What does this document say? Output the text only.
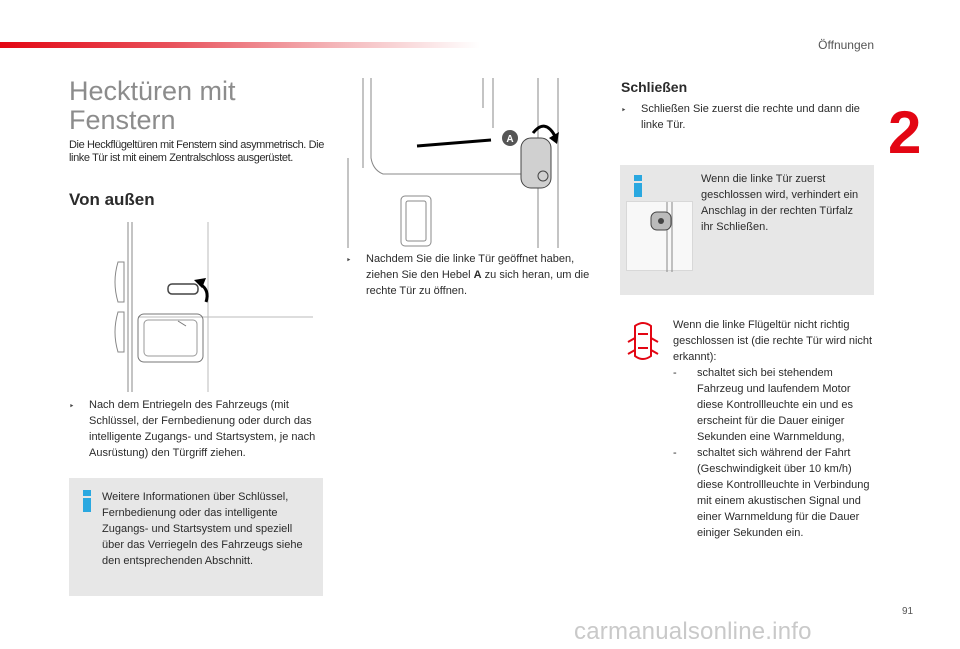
Öffnungen
2
Hecktüren mit Fenstern

Die Heckflügeltüren mit Fenstern sind asymmetrisch. Die linke Tür ist mit einem Zentralschloss ausgerüstet.

Von außen
‣	Nach dem Entriegeln des Fahrzeugs (mit Schlüssel, der Fernbedienung oder durch das intelligente Zugangs- und Startsystem, je nach Ausrüstung) den Türgriff ziehen.
Weitere Informationen über Schlüssel, Fernbedienung oder das intelligente Zugangs- und Startsystem und speziell über das Verriegeln des Fahrzeugs siehe den entsprechenden Abschnitt.
A
‣	Nachdem Sie die linke Tür geöffnet haben, ziehen Sie den Hebel A zu sich heran, um die rechte Tür zu öffnen.
Schließen
‣	Schließen Sie zuerst die rechte und dann die linke Tür.
Wenn die linke Tür zuerst geschlossen wird, verhindert ein Anschlag in der rechten Türfalz ihr Schließen.
Wenn die linke Flügeltür nicht richtig geschlossen ist (die rechte Tür wird nicht erkannt):
-	schaltet sich bei stehendem Fahrzeug und laufendem Motor diese Kontrollleuchte ein und es erscheint für die Dauer einiger Sekunden eine Warnmeldung,
-	schaltet sich während der Fahrt (Geschwindigkeit über 10 km/h) diese Kontrollleuchte in Verbindung mit einem akustischen Signal und einer Warnmeldung für die Dauer einiger Sekunden ein.
91
carmanualsonline.info
